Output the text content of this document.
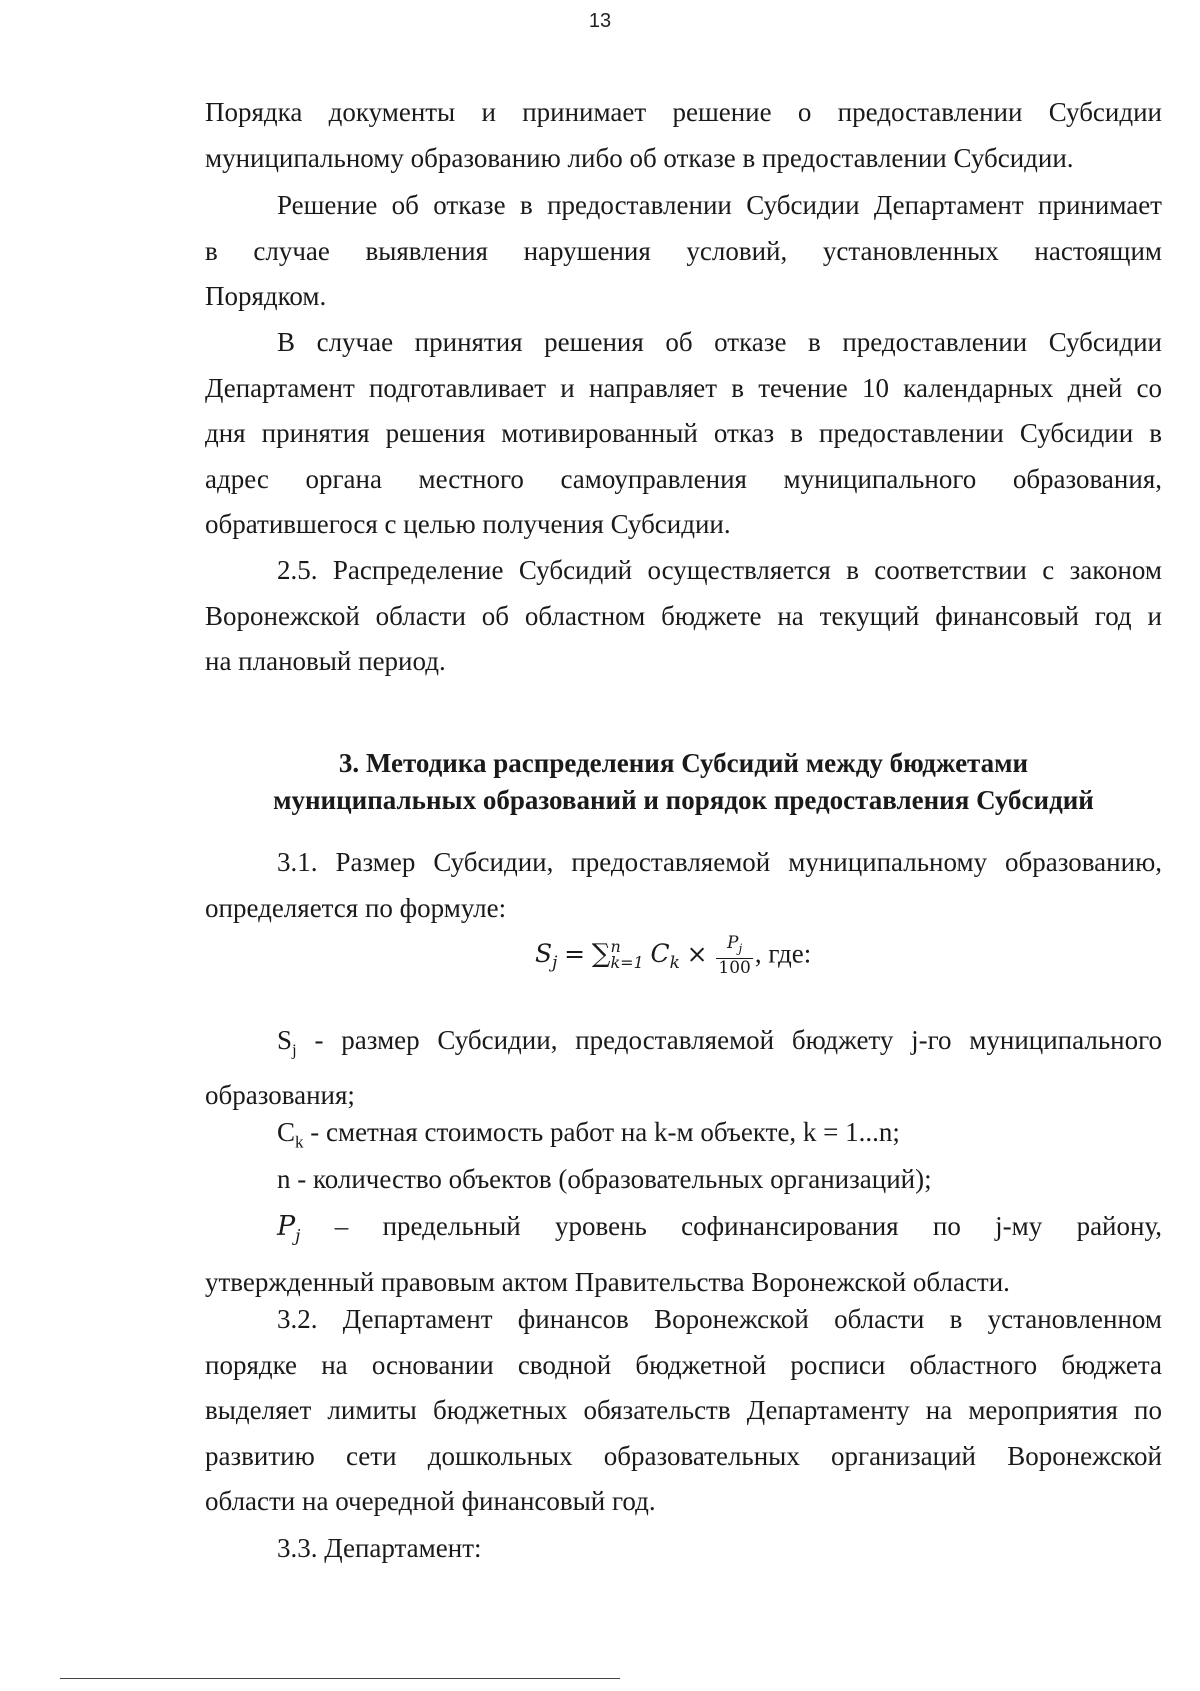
13
Порядка документы и принимает решение о предоставлении Субсидии
муниципальному образованию либо об отказе в предоставлении Субсидии.
Решение об отказе в предоставлении Субсидии Департамент принимает
в случае выявления нарушения условий, установленных настоящим
Порядком.
В случае принятия решения об отказе в предоставлении Субсидии
Департамент подготавливает и направляет в течение 10 календарных дней со
дня принятия решения мотивированный отказ в предоставлении Субсидии в
адрес органа местного самоуправления муниципального образования,
обратившегося с целью получения Субсидии.
2.5. Распределение Субсидий осуществляется в соответствии с законом
Воронежской области об областном бюджете на текущий финансовый год и
на плановый период.
3. Методика распределения Субсидий между бюджетами
муниципальных образований и порядок предоставления Субсидий
3.1. Размер Субсидии, предоставляемой муниципальному образованию,
определяется по формуле:
$S_j$ = ∑ n
k=1 $C_k \times \frac{P_j}{100}$ , где:
$S_j$ - размер Субсидии, предоставляемой бюджету j-го муниципального
образования;
$C_k$ - сметная стоимость работ на k-м объекте, k = 1...n;
n - количество объектов (образовательных организаций);
$P_j$ – предельный уровень софинансирования по j-му району,
утвержденный правовым актом Правительства Воронежской области.
3.2. Департамент финансов Воронежской области в установленном
порядке на основании сводной бюджетной росписи областного бюджета
выделяет лимиты бюджетных обязательств Департаменту на мероприятия по
развитию сети дошкольных образовательных организаций Воронежской
области на очередной финансовый год.
3.3. Департамент:
